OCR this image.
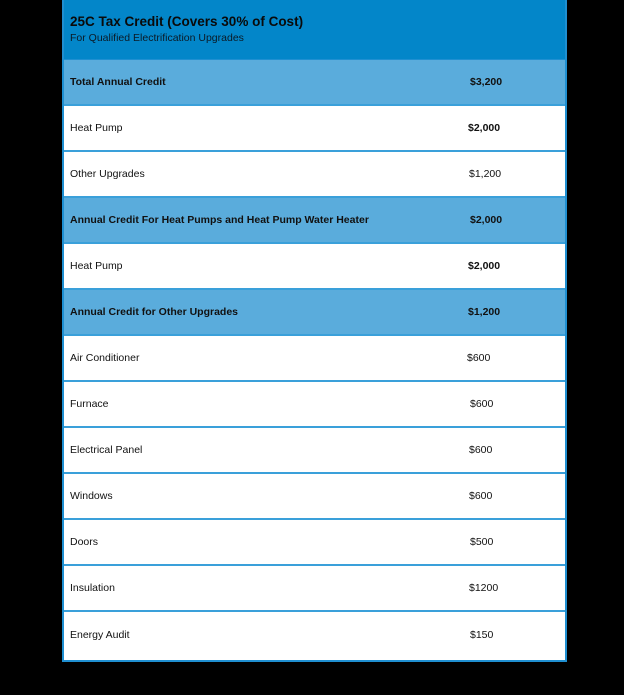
25C Tax Credit (Covers 30% of Cost)
For Qualified Electrification Upgrades
Total Annual Credit	$3,200
Heat Pump	$2,000
Other Upgrades	$1,200
Annual Credit For Heat Pumps and Heat Pump Water Heater	$2,000
Heat Pump	$2,000
Annual Credit for Other Upgrades	$1,200
Air Conditioner	$600
Furnace	$600
Electrical Panel	$600
Windows	$600
Doors	$500
Insulation	$1200
Energy Audit	$150
